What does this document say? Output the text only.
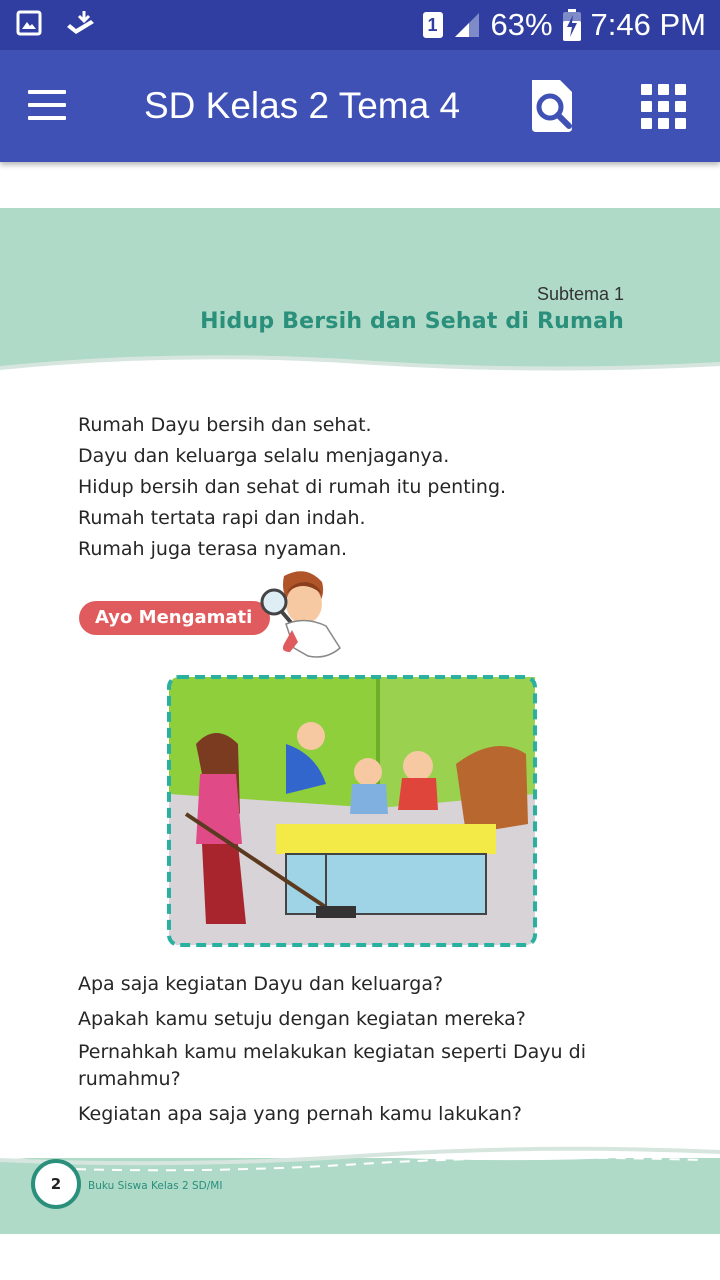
1 63% 7:46 PM
SD Kelas 2 Tema 4
Subtema 1
Hidup Bersih dan Sehat di Rumah
Rumah Dayu bersih dan sehat.
Dayu dan keluarga selalu menjaganya.
Hidup bersih dan sehat di rumah itu penting.
Rumah tertata rapi dan indah.
Rumah juga terasa nyaman.
Ayo Mengamati
Apa saja kegiatan Dayu dan keluarga?
Apakah kamu setuju dengan kegiatan mereka?
Pernahkah kamu melakukan kegiatan seperti Dayu di rumahmu?
Kegiatan apa saja yang pernah kamu lakukan?
2	Buku Siswa Kelas 2 SD/MI
